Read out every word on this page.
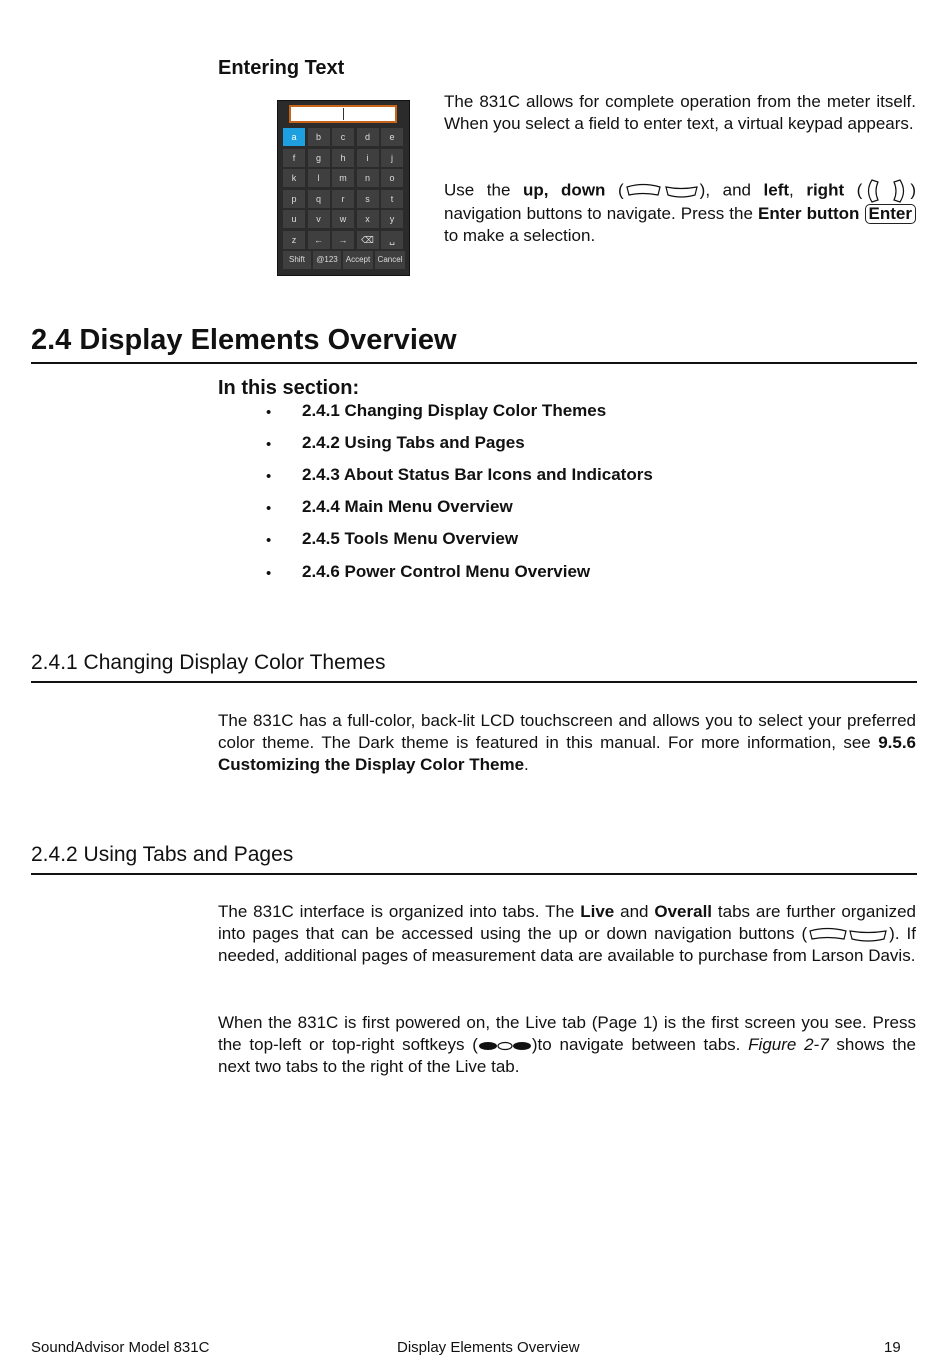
Entering Text
a	b	c	d	e
f	g	h	i	j
k	l	m	n	o
p	q	r	s	t
u	v	w	x	y
z	←	→	⌫	␣
Shift	@123	Accept Cancel
The 831C allows for complete operation from the meter itself. When you select a field to enter text, a virtual keypad appears.
Use the up, down (	), and left, right (	) navigation buttons to navigate. Press the Enter button Enter to make a selection.
2.4 Display Elements Overview
In this section:
• 2.4.1 Changing Display Color Themes
• 2.4.2 Using Tabs and Pages
• 2.4.3 About Status Bar Icons and Indicators
• 2.4.4 Main Menu Overview
• 2.4.5 Tools Menu Overview
• 2.4.6 Power Control Menu Overview
2.4.1 Changing Display Color Themes
The 831C has a full-color, back-lit LCD touchscreen and allows you to select your preferred color theme. The Dark theme is featured in this manual. For more information, see 9.5.6 Customizing the Display Color Theme.
2.4.2 Using Tabs and Pages
The 831C interface is organized into tabs. The Live and Overall tabs are further organized into pages that can be accessed using the up or down navigation buttons (	). If needed, additional pages of measurement data are available to purchase from Larson Davis.
When the 831C is first powered on, the Live tab (Page 1) is the first screen you see. Press the top-left or top-right softkeys (	)to navigate between tabs. Figure 2-7 shows the next two tabs to the right of the Live tab.
SoundAdvisor Model 831C	Display Elements Overview	19
